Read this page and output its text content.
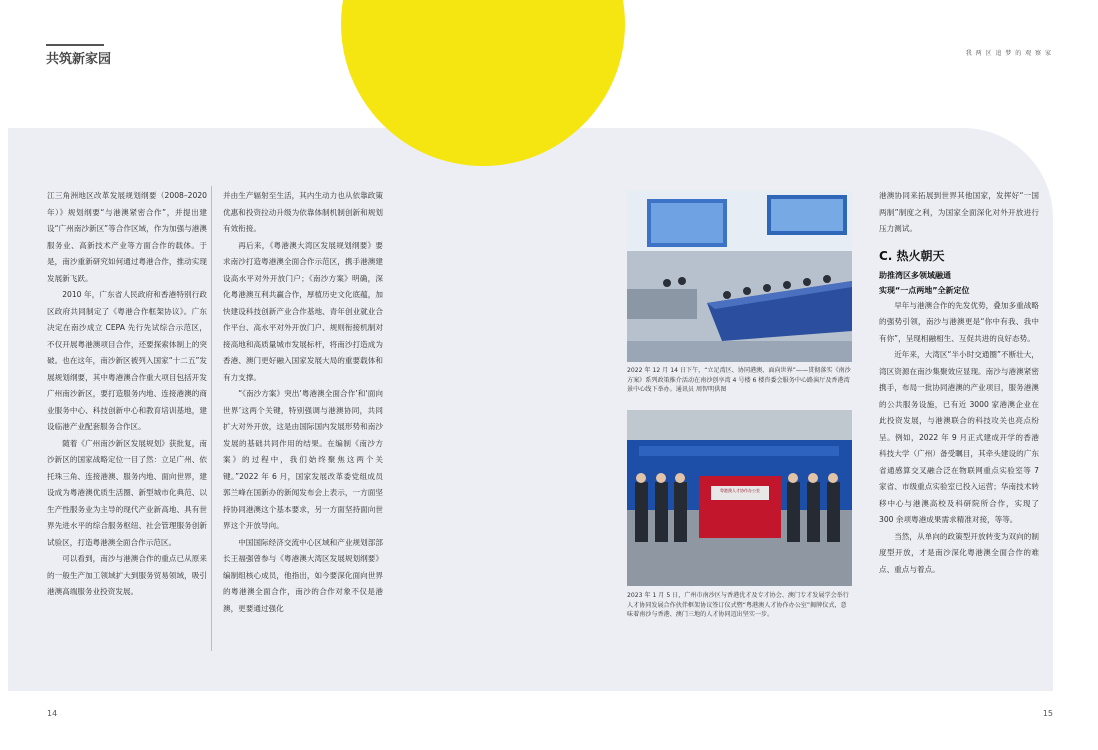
共筑新家园	我 两 区 追 梦 的 观 察 家

江三角洲地区改革发展规划纲要（2008–2020年）》规划纲要“与港澳紧密合作”，并提出建设“广州南沙新区”等合作区域，作为加强与港澳服务业、高新技术产业等方面合作的载体。于是，南沙重新研究如何通过粤港合作，推动实现发展新飞跃。

2010 年，广东省人民政府和香港特别行政区政府共同制定了《粤港合作框架协议》。广东决定在南沙成立 CEPA 先行先试综合示范区，不仅开展粤港澳项目合作，还要探索体制上的突破。也在这年，南沙新区被列入国家“十二五”发展规划纲要，其中粤港澳合作重大项目包括开发广州南沙新区，要打造服务内地、连接港澳的商业服务中心、科技创新中心和教育培训基地，建设临港产业配套服务合作区。

随着《广州南沙新区发展规划》获批复，南沙新区的国家战略定位一目了然：立足广州、依托珠三角、连接港澳、服务内地、面向世界，建设成为粤港澳优质生活圈、新型城市化典范、以生产性服务业为主导的现代产业新高地、具有世界先进水平的综合服务枢纽、社会管理服务创新试验区，打造粤港澳全面合作示范区。

可以看到，南沙与港澳合作的重点已从原来的一般生产加工领域扩大到服务贸易领域，吸引港澳高端服务业投资发展。

并由生产辐射至生活，其内生动力也从依靠政策优惠和投资拉动升级为依靠体制机制创新和规划有效衔接。

再后来，《粤港澳大湾区发展规划纲要》要求南沙打造粤港澳全面合作示范区，携手港澳建设高水平对外开放门户；《南沙方案》明确，深化粤港澳互利共赢合作，厚植历史文化底蕴，加快建设科技创新产业合作基地、青年创业就业合作平台、高水平对外开放门户、规则衔接机制对接高地和高质量城市发展标杆，将南沙打造成为香港、澳门更好融入国家发展大局的重要载体和有力支撑。

“《南沙方案》突出‘粤港澳全面合作’和‘面向世界’这两个关键，特别强调与港澳协同，共同扩大对外开放，这是由国际国内发展形势和南沙发展的基础共同作用的结果。在编制《南沙方案》的过程中，我们始终聚焦这两个关键。”2022 年 6 月，国家发展改革委党组成员郭兰峰在国新办的新闻发布会上表示，一方面坚持协同港澳这个基本要求，另一方面坚持面向世界这个开放导向。

中国国际经济交流中心区域和产业规划部部长王福强曾参与《粤港澳大湾区发展规划纲要》编制组核心成员，他指出，如今要深化面向世界的粤港澳全面合作，南沙的合作对象不仅是港澳，更要通过强化

2022 年 12 月 14 日下午，“立足湾区、协同港澳、面向世界”——贯彻落实《南沙方案》系列政策推介活动在南沙创享湾 4 号楼 6 楼咨委会服务中心路演厅及香港湾景中心线下举办。通讯员 周智明供图

粤港澳人才协作办公室

2023 年 1 月 5 日，广州市南沙区与香港优才及专才协会、澳门专才发展学会举行人才协同发展合作伙伴框架协议签订仪式暨“粤港澳人才协作办公室”揭牌仪式，意味着南沙与香港、澳门三地的人才协同迈出坚实一步。

港澳协同来拓展到世界其他国家，发挥好“一国两制”制度之利，为国家全面深化对外开放进行压力测试。

C. 热火朝天

助推湾区多领域融通

实现“一点两地”全新定位

早年与港澳合作的先发优势，叠加多重战略的强势引领，南沙与港澳更是“你中有我、我中有你”，呈现相融相生、互促共进的良好态势。

近年来，大湾区“半小时交通圈”不断壮大，湾区资源在南沙集聚效应显现。南沙与港澳紧密携手，布局一批协同港澳的产业项目，服务港澳的公共服务设施，已有近 3000 家港澳企业在此投资发展，与港澳联合的科技攻关也亮点纷呈。例如，2022 年 9 月正式建成开学的香港科技大学（广州）备受瞩目，其牵头建设的广东省通感算交叉融合泛在物联网重点实验室等 7 家省、市级重点实验室已投入运营；华南技术转移中心与港澳高校及科研院所合作，实现了 300 余项粤港成果需求精准对接，等等。

当然，从单向的政策型开放转变为双向的制度型开放，才是南沙深化粤港澳全面合作的难点、重点与着点。

14	15
